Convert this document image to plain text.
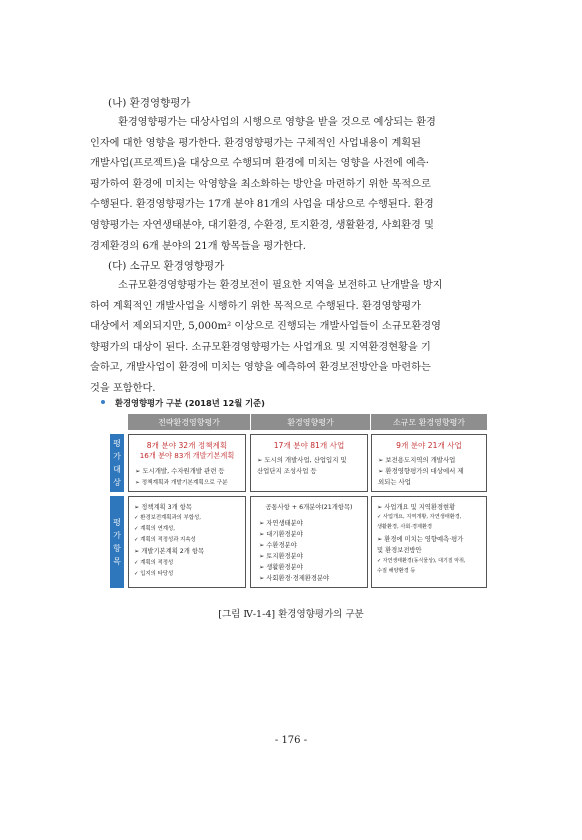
(나) 환경영향평가
환경영향평가는 대상사업의 시행으로 영향을 받을 것으로 예상되는 환경
인자에 대한 영향을 평가한다. 환경영향평가는 구체적인 사업내용이 계획된
개발사업(프로젝트)을 대상으로 수행되며 환경에 미치는 영향을 사전에 예측·
평가하여 환경에 미치는 악영향을 최소화하는 방안을 마련하기 위한 목적으로
수행된다. 환경영향평가는 17개 분야 81개의 사업을 대상으로 수행된다. 환경
영향평가는 자연생태분야, 대기환경, 수환경, 토지환경, 생활환경, 사회환경 및
경제환경의 6개 분야의 21개 항목들을 평가한다.
(다) 소규모 환경영향평가
소규모환경영향평가는 환경보전이 필요한 지역을 보전하고 난개발을 방지
하여 계획적인 개발사업을 시행하기 위한 목적으로 수행된다. 환경영향평가
대상에서 제외되지만, 5,000m² 이상으로 진행되는 개발사업들이 소규모환경영
향평가의 대상이 된다. 소규모환경영향평가는 사업개요 및 지역환경현황을 기
술하고, 개발사업이 환경에 미치는 영향을 예측하여 환경보전방안을 마련하는
것을 포함한다.
환경영향평가 구분 (2018년 12월 기준)
전략환경영향평가	환경영향평가	소규모 환경영향평가
평
가
대
상
8개 분야 32개 정책계획
16개 분야 83개 개발기본계획
➢ 도시개발, 수자원개발 관련 등
➢ 정책계획과 개발기본계획으로 구분
17개 분야 81개 사업
➢ 도시의 개발사업, 산업입지 및
산업단지 조성사업 등
9개 분야 21개 사업
➢ 보전용도지역의 개발사업
➢ 환경영향평가의 대상에서 제
외되는 사업
평
가
항
목
➢ 정책계획 3개 항목
✓ 환경보전계획과의 부합성,
✓ 계획의 연계성,
✓ 계획의 적정성과 지속성
➢ 개발기본계획 2개 항목
✓ 계획의 적정성
✓ 입지의 타당성
공통사항 + 6개분야(21개항목)
➢ 자연생태분야
➢ 대기환경분야
➢ 수환경분야
➢ 토지환경분야
➢ 생활환경분야
➢ 사회환경·경제환경분야
➢ 사업개요 및 지역환경현황
✓ 사업개요, 지역개황, 자연생태환경,
생활환경, 사회·경제환경
➢ 환경에 미치는 영향예측·평가
및 환경보전방안
✓ 자연생태환경(동식물상), 대기질 악취,
수질 해양환경 등
[그림 Ⅳ-1-4] 환경영향평가의 구분
- 176 -
